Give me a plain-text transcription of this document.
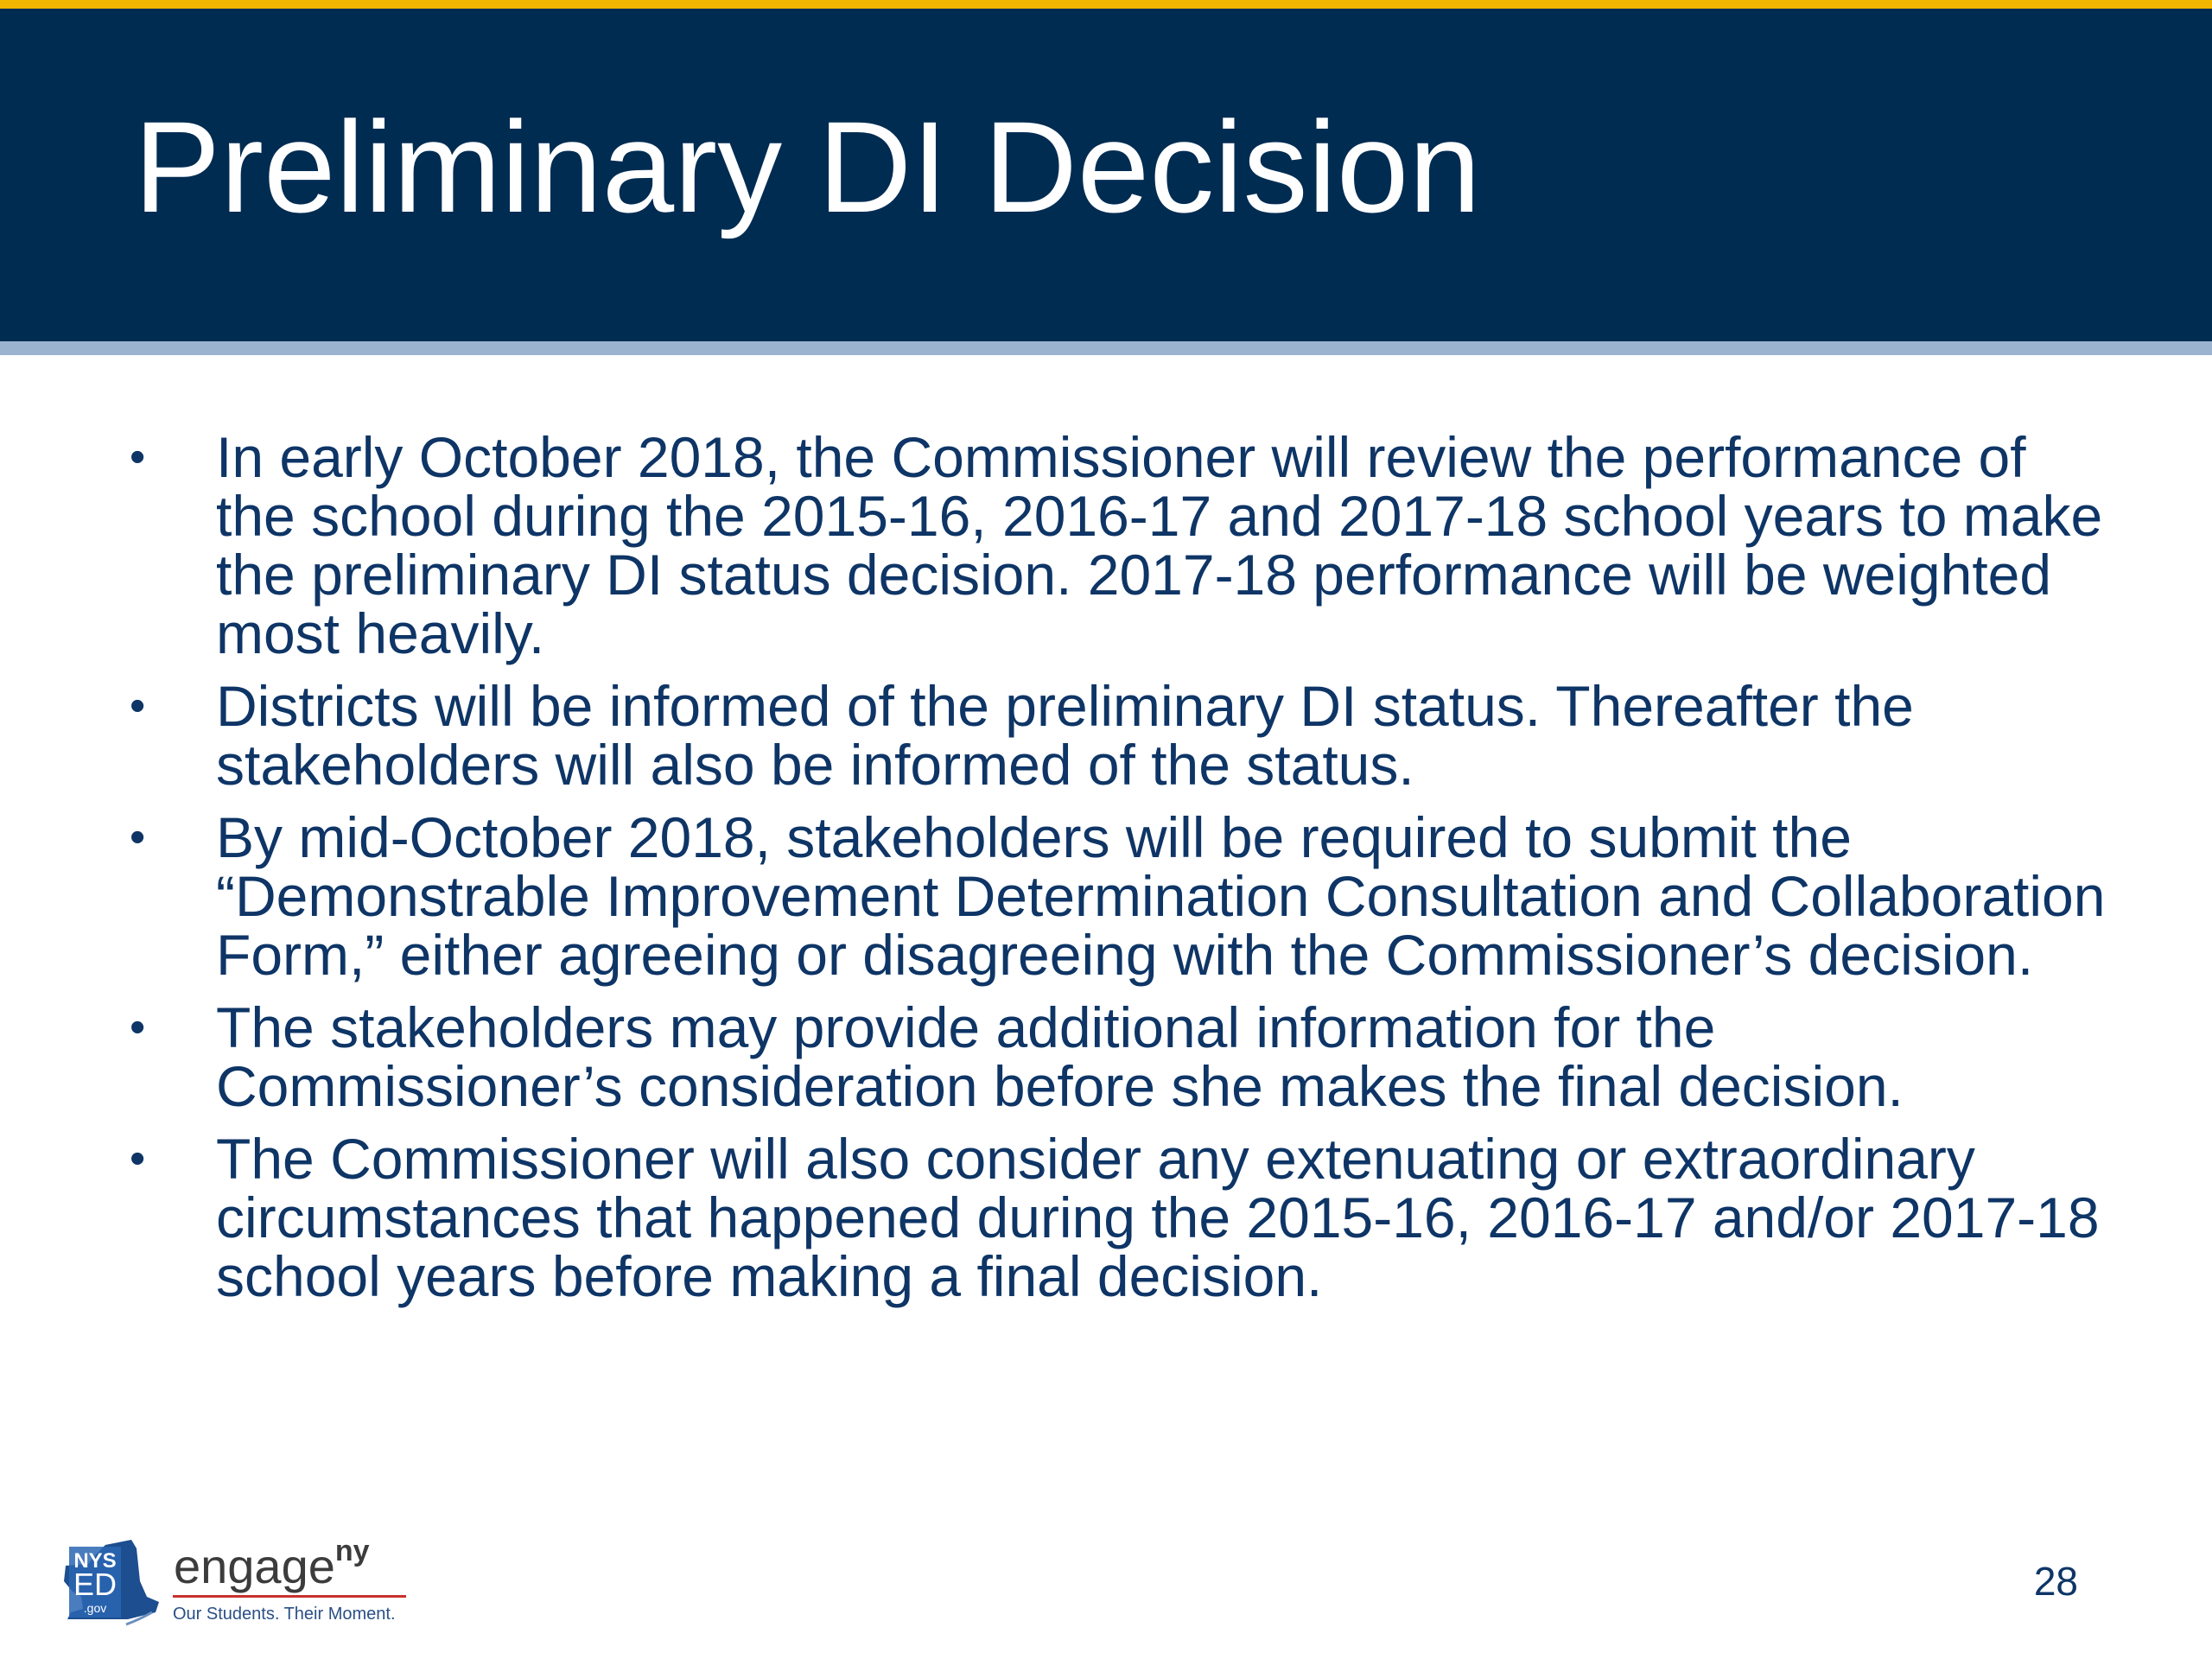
Preliminary DI Decision
• In early October 2018, the Commissioner will review the performance of the school during the 2015-16, 2016-17 and 2017-18 school years to make the preliminary DI status decision. 2017-18 performance will be weighted most heavily.
• Districts will be informed of the preliminary DI status. Thereafter the stakeholders will also be informed of the status.
• By mid-October 2018, stakeholders will be required to submit the “Demonstrable Improvement Determination Consultation and Collaboration Form,” either agreeing or disagreeing with the Commissioner’s decision.
• The stakeholders may provide additional information for the Commissioner’s consideration before she makes the final decision.
• The Commissioner will also consider any extenuating or extraordinary circumstances that happened during the 2015-16, 2016-17 and/or 2017-18 school years before making a final decision.
NYS
ED
.gov
engage$^{ny}$
Our Students. Their Moment.
28
